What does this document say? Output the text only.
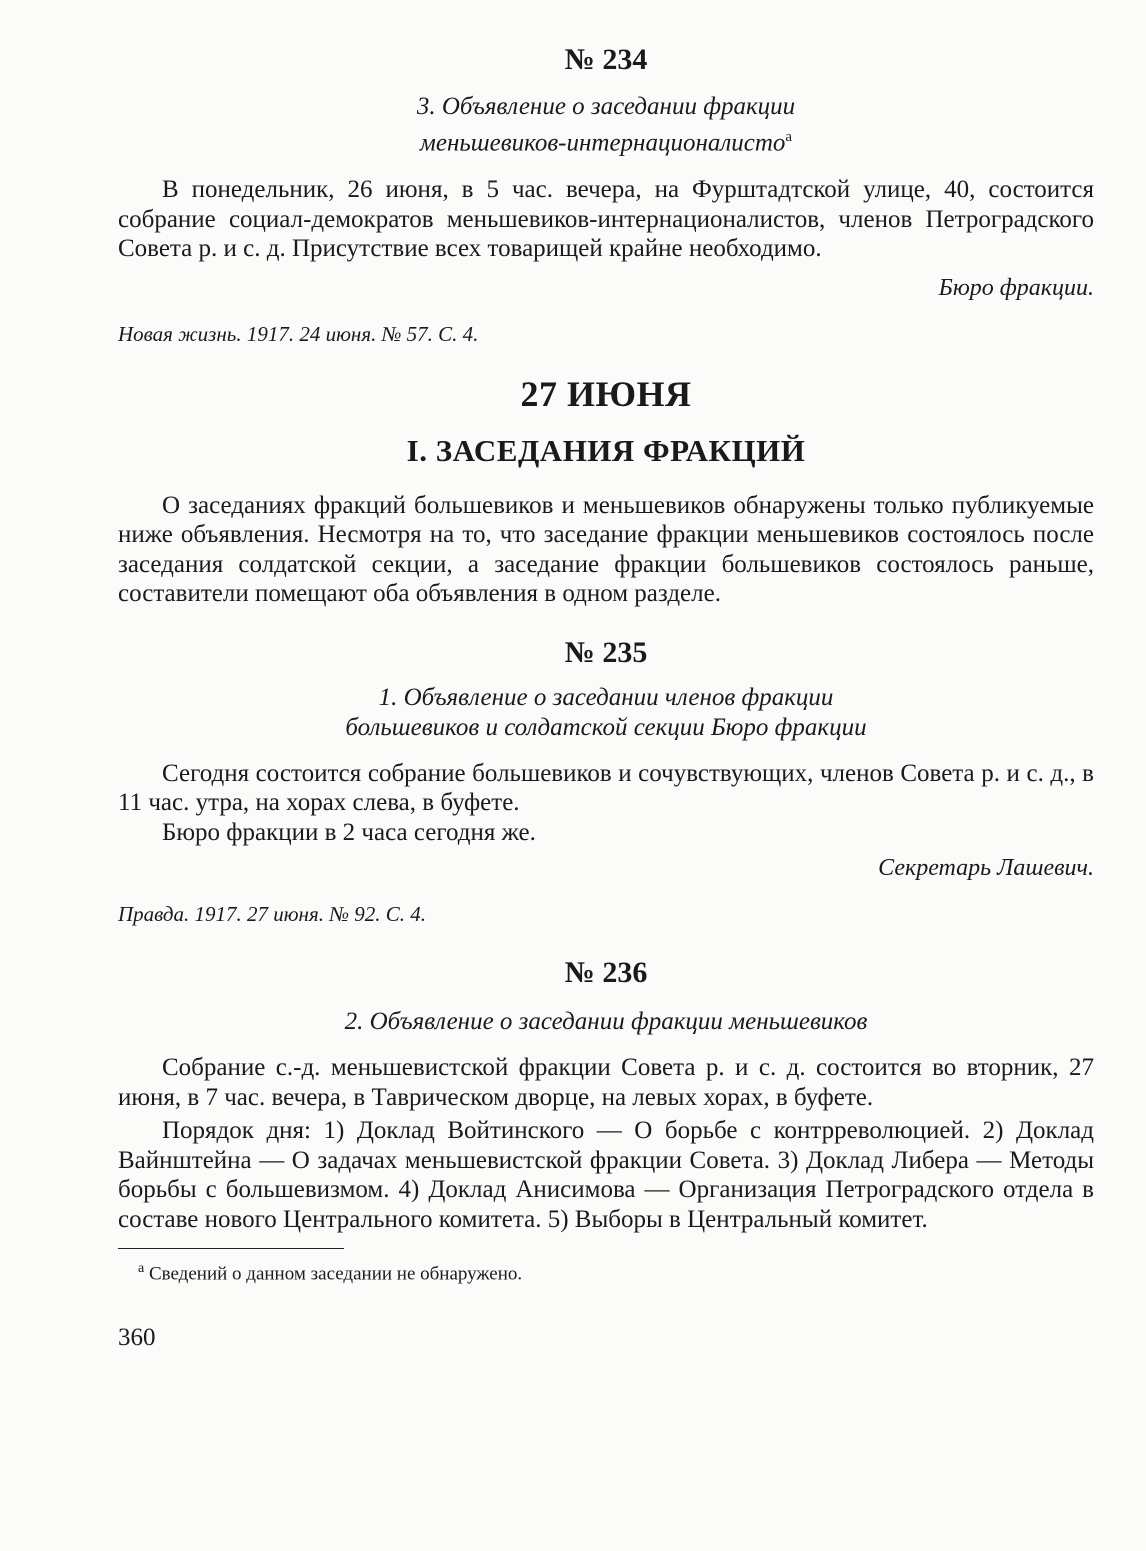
№ 234

3. Объявление о заседании фракции

меньшевиков-интернационалисто$^а$

В понедельник, 26 июня, в 5 час. вечера, на Фурштадтской улице, 40, состоится собрание социал-демократов меньшевиков-интернационалистов, членов Петроградского Совета р. и с. д. Присутствие всех товарищей крайне необходимо.

Бюро фракции.

Новая жизнь. 1917. 24 июня. № 57. С. 4.

27 ИЮНЯ

I. ЗАСЕДАНИЯ ФРАКЦИЙ

О заседаниях фракций большевиков и меньшевиков обнаружены только публикуемые ниже объявления. Несмотря на то, что заседание фракции меньшевиков состоялось после заседания солдатской секции, а заседание фракции большевиков состоялось раньше, составители помещают оба объявления в одном разделе.

№ 235

1. Объявление о заседании членов фракции

большевиков и солдатской секции Бюро фракции

Сегодня состоится собрание большевиков и сочувствующих, членов Совета р. и с. д., в 11 час. утра, на хорах слева, в буфете.

Бюро фракции в 2 часа сегодня же.

Секретарь Лашевич.

Правда. 1917. 27 июня. № 92. С. 4.

№ 236

2. Объявление о заседании фракции меньшевиков

Собрание с.-д. меньшевистской фракции Совета р. и с. д. состоится во вторник, 27 июня, в 7 час. вечера, в Таврическом дворце, на левых хорах, в буфете.

Порядок дня: 1) Доклад Войтинского — О борьбе с контрреволюцией. 2) Доклад Вайнштейна — О задачах меньшевистской фракции Совета. 3) Доклад Либера — Методы борьбы с большевизмом. 4) Доклад Анисимова — Организация Петроградского отдела в составе нового Центрального комитета. 5) Выборы в Центральный комитет.

$^а$ Сведений о данном заседании не обнаружено.

360
